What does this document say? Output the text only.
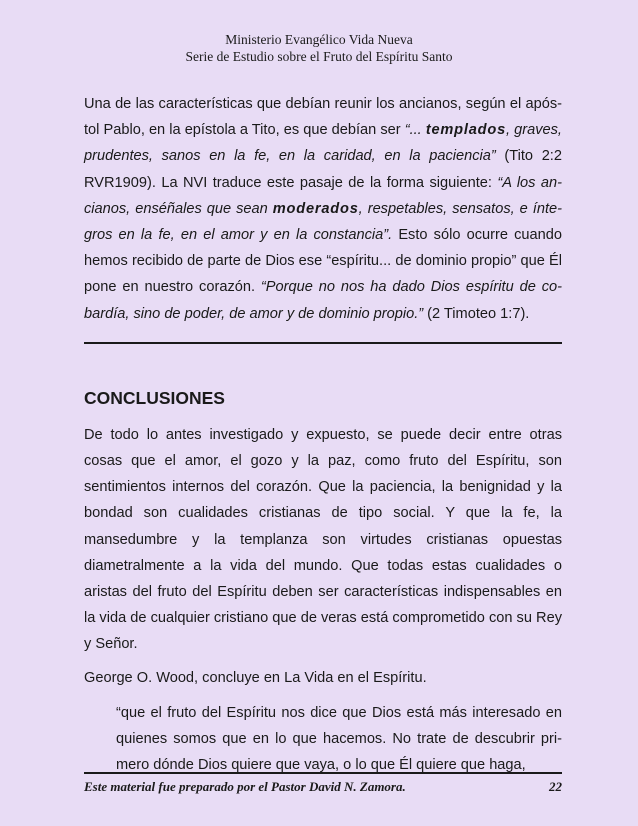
Ministerio Evangélico Vida Nueva
Serie de Estudio sobre el Fruto del Espíritu Santo

Una de las características que debían reunir los ancianos, según el após-tol Pablo, en la epístola a Tito, es que debían ser “... templados, graves, prudentes, sanos en la fe, en la caridad, en la paciencia” (Tito 2:2 RVR1909). La NVI traduce este pasaje de la forma siguiente: “A los an-cianos, enséñales que sean moderados, respetables, sensatos, e ínte-gros en la fe, en el amor y en la constancia”. Esto sólo ocurre cuando hemos recibido de parte de Dios ese “espíritu... de dominio propio” que Él pone en nuestro corazón. “Porque no nos ha dado Dios espíritu de co-bardía, sino de poder, de amor y de dominio propio.” (2 Timoteo 1:7).

CONCLUSIONES

De todo lo antes investigado y expuesto, se puede decir entre otras cosas que el amor, el gozo y la paz, como fruto del Espíritu, son sentimientos internos del corazón. Que la paciencia, la benignidad y la bondad son cualidades cristianas de tipo social. Y que la fe, la mansedumbre y la templanza son virtudes cristianas opuestas diametralmente a la vida del mundo. Que todas estas cualidades o aristas del fruto del Espíritu deben ser características indispensables en la vida de cualquier cristiano que de veras está comprometido con su Rey y Señor.

George O. Wood, concluye en La Vida en el Espíritu.

“que el fruto del Espíritu nos dice que Dios está más interesado en quienes somos que en lo que hacemos. No trate de descubrir pri-mero dónde Dios quiere que vaya, o lo que Él quiere que haga,

Este material fue preparado por el Pastor David N. Zamora.	22
